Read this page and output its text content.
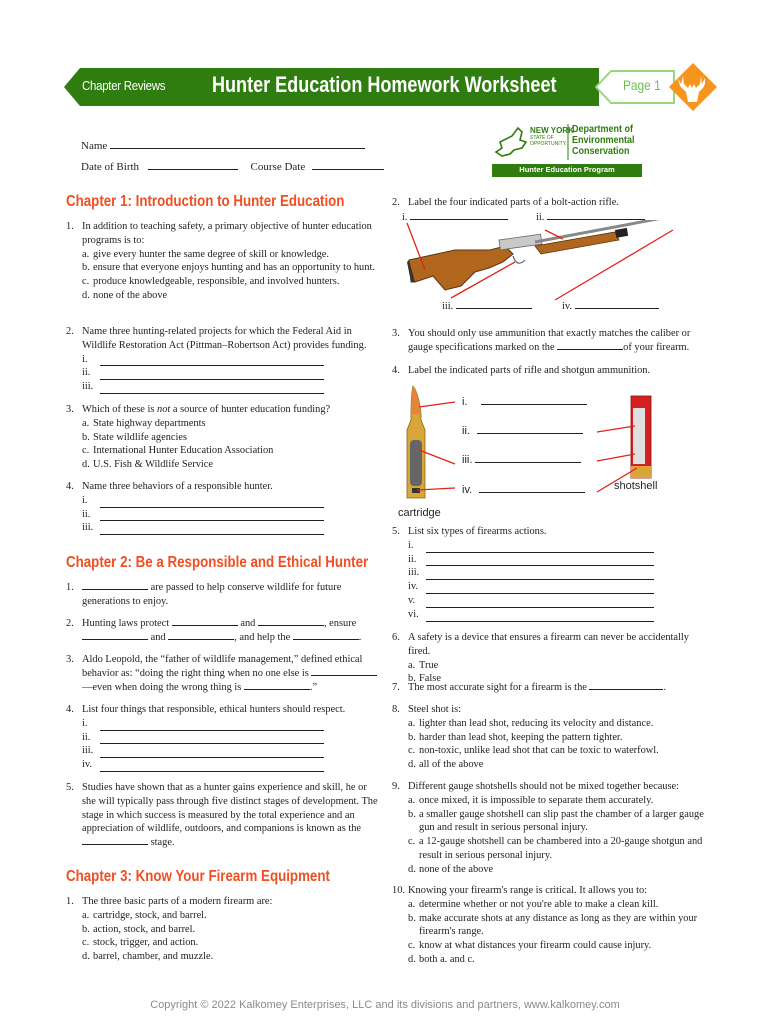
Chapter Reviews Hunter Education Homework Worksheet	Page 1
Name
Date of Birth	Course Date
NEW YORK
STATE OF
OPPORTUNITY.
Department of
Environmental
Conservation
Hunter Education Program
Chapter 1: Introduction to Hunter Education
1. In addition to teaching safety, a primary objective of hunter education programs is to:
a. give every hunter the same degree of skill or knowledge.
b. ensure that everyone enjoys hunting and has an opportunity to hunt.
c. produce knowledgeable, responsible, and involved hunters.
d. none of the above
2. Name three hunting-related projects for which the Federal Aid in Wildlife Restoration Act (Pittman–Robertson Act) provides funding.
i.
ii.
iii.
3. Which of these is not a source of hunter education funding?
a. State highway departments
b. State wildlife agencies
c. International Hunter Education Association
d. U.S. Fish & Wildlife Service
4. Name three behaviors of a responsible hunter.
i.
ii.
iii.
Chapter 2: Be a Responsible and Ethical Hunter
1.	are passed to help conserve wildlife for future generations to enjoy.
2. Hunting laws protect	and	, ensure
and	, and help the	.
3. Aldo Leopold, the “father of wildlife management,” defined ethical behavior as: “doing the right thing when no one else is
—even when doing the wrong thing is	.”
4. List four things that responsible, ethical hunters should respect.
i.
ii.
iii.
iv.
5. Studies have shown that as a hunter gains experience and skill, he or she will typically pass through five distinct stages of development. The stage in which success is measured by the total experience and an appreciation of wildlife, outdoors, and companions is known as the
stage.
Chapter 3: Know Your Firearm Equipment
1. The three basic parts of a modern firearm are:
a. cartridge, stock, and barrel.
b. action, stock, and barrel.
c. stock, trigger, and action.
d. barrel, chamber, and muzzle.
2. Label the four indicated parts of a bolt-action rifle.
i.	ii.
iii.	iv.
3. You should only use ammunition that exactly matches the caliber or gauge specifications marked on the	of your firearm.
4. Label the indicated parts of rifle and shotgun ammunition.
i.
ii.
iii.
iv.	shotshell
cartridge
5. List six types of firearms actions.
i.
ii.
iii.
iv.
v.
vi.
6. A safety is a device that ensures a firearm can never be accidentally fired.
a. True
b. False
7. The most accurate sight for a firearm is the	.
8. Steel shot is:
a. lighter than lead shot, reducing its velocity and distance.
b. harder than lead shot, keeping the pattern tighter.
c. non-toxic, unlike lead shot that can be toxic to waterfowl.
d. all of the above
9. Different gauge shotshells should not be mixed together because:
a. once mixed, it is impossible to separate them accurately.
b. a smaller gauge shotshell can slip past the chamber of a larger gauge gun and result in serious personal injury.
c. a 12-gauge shotshell can be chambered into a 20-gauge shotgun and result in serious personal injury.
d. none of the above
10. Knowing your firearm's range is critical. It allows you to:
a. determine whether or not you're able to make a clean kill.
b. make accurate shots at any distance as long as they are within your firearm's range.
c. know at what distances your firearm could cause injury.
d. both a. and c.
Copyright © 2022 Kalkomey Enterprises, LLC and its divisions and partners, www.kalkomey.com
